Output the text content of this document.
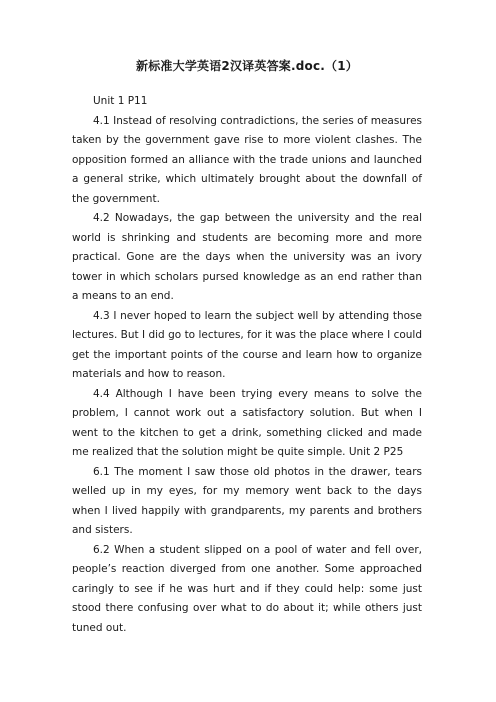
新标准大学英语2汉译英答案.doc.（1）

Unit 1 P11

4.1 Instead of resolving contradictions, the series of measures taken by the government gave rise to more violent clashes. The opposition formed an alliance with the trade unions and launched a general strike, which ultimately brought about the downfall of the government.

4.2 Nowadays, the gap between the university and the real world is shrinking and students are becoming more and more practical. Gone are the days when the university was an ivory tower in which scholars pursed knowledge as an end rather than a means to an end.

4.3 I never hoped to learn the subject well by attending those lectures. But I did go to lectures, for it was the place where I could get the important points of the course and learn how to organize materials and how to reason.

4.4 Although I have been trying every means to solve the problem, I cannot work out a satisfactory solution. But when I went to the kitchen to get a drink, something clicked and made me realized that the solution might be quite simple. Unit 2 P25

6.1 The moment I saw those old photos in the drawer, tears welled up in my eyes, for my memory went back to the days when I lived happily with grandparents, my parents and brothers and sisters.

6.2 When a student slipped on a pool of water and fell over, people’s reaction diverged from one another. Some approached caringly to see if he was hurt and if they could help: some just stood there confusing over what to do about it; while others just tuned out.
